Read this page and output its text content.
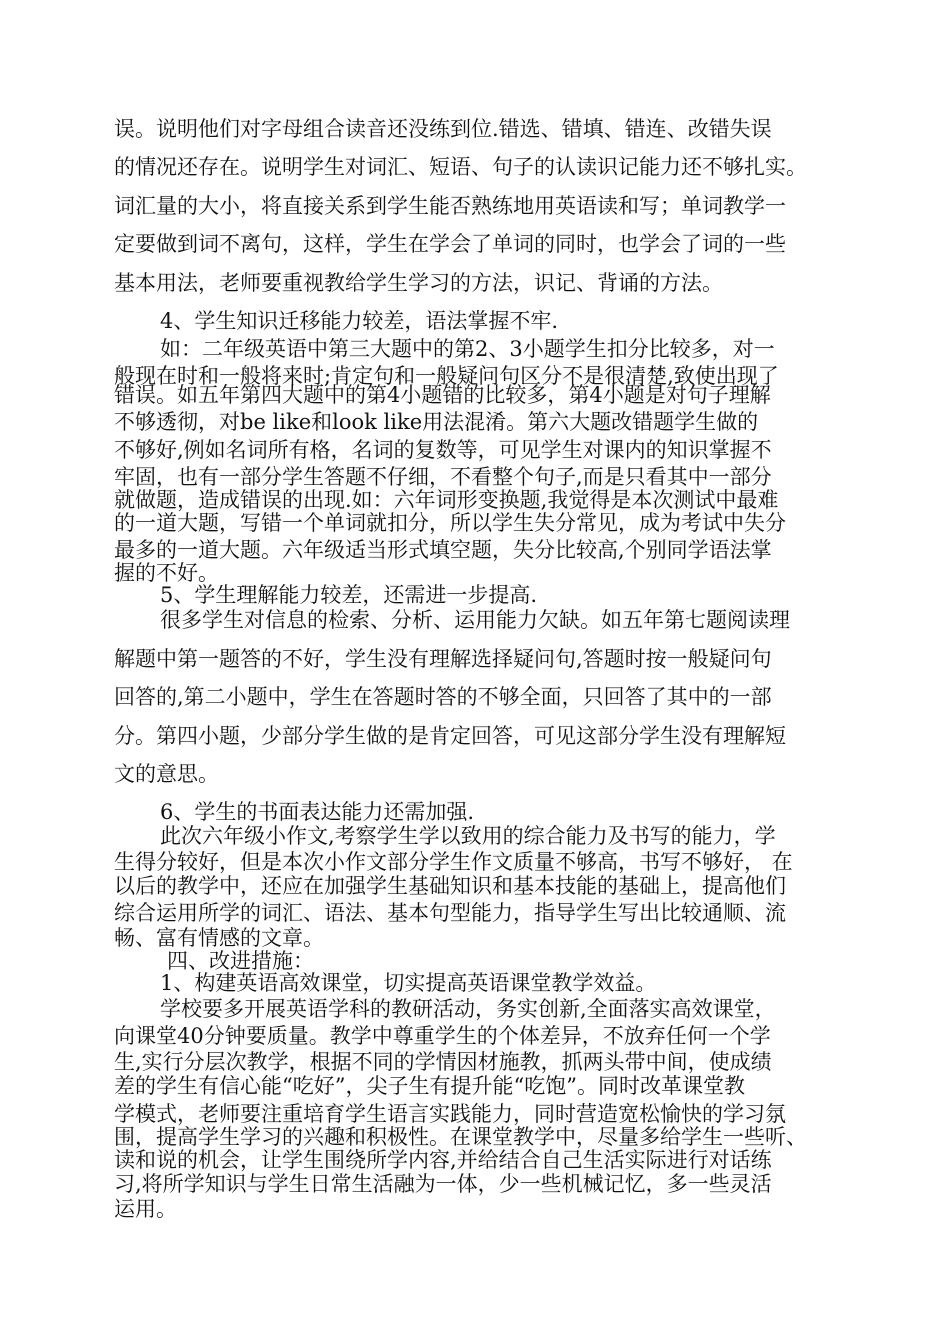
误。说明他们对字母组合读音还没练到位.错选、错填、错连、改错失误
的情况还存在。说明学生对词汇、短语、句子的认读识记能力还不够扎实。
词汇量的大小，将直接关系到学生能否熟练地用英语读和写；单词教学一
定要做到词不离句，这样，学生在学会了单词的同时，也学会了词的一些
基本用法，老师要重视教给学生学习的方法，识记、背诵的方法。
4、学生知识迁移能力较差，语法掌握不牢.
如：二年级英语中第三大题中的第2、3小题学生扣分比较多，对一
般现在时和一般将来时;肯定句和一般疑问句区分不是很清楚,致使出现了
错误。如五年第四大题中的第4小题错的比较多，第4小题是对句子理解
不够透彻，对be like和look like用法混淆。第六大题改错题学生做的
不够好,例如名词所有格，名词的复数等，可见学生对课内的知识掌握不
牢固，也有一部分学生答题不仔细，不看整个句子,而是只看其中一部分
就做题，造成错误的出现.如：六年词形变换题,我觉得是本次测试中最难
的一道大题，写错一个单词就扣分，所以学生失分常见，成为考试中失分
最多的一道大题。六年级适当形式填空题，失分比较高,个别同学语法掌
握的不好。
5、学生理解能力较差，还需进一步提高.
很多学生对信息的检索、分析、运用能力欠缺。如五年第七题阅读理
解题中第一题答的不好，学生没有理解选择疑问句,答题时按一般疑问句
回答的,第二小题中，学生在答题时答的不够全面，只回答了其中的一部
分。第四小题，少部分学生做的是肯定回答，可见这部分学生没有理解短
文的意思。
6、学生的书面表达能力还需加强.
此次六年级小作文,考察学生学以致用的综合能力及书写的能力，学
生得分较好，但是本次小作文部分学生作文质量不够高，书写不够好， 在
以后的教学中，还应在加强学生基础知识和基本技能的基础上，提高他们
综合运用所学的词汇、语法、基本句型能力，指导学生写出比较通顺、流
畅、富有情感的文章。
四、改进措施：
1、构建英语高效课堂，切实提高英语课堂教学效益。
学校要多开展英语学科的教研活动，务实创新,全面落实高效课堂，
向课堂40分钟要质量。教学中尊重学生的个体差异，不放弃任何一个学
生,实行分层次教学，根据不同的学情因材施教，抓两头带中间，使成绩
差的学生有信心能“吃好”，尖子生有提升能“吃饱”。同时改革课堂教
学模式，老师要注重培育学生语言实践能力，同时营造宽松愉快的学习氛
围，提高学生学习的兴趣和积极性。在课堂教学中，尽量多给学生一些听、
读和说的机会，让学生围绕所学内容,并给结合自己生活实际进行对话练
习,将所学知识与学生日常生活融为一体，少一些机械记忆，多一些灵活
运用。
